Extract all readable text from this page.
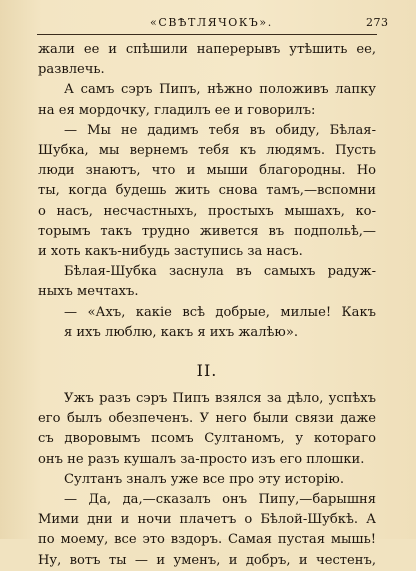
«СВѢТЛЯЧОКЪ».	273

жали ее и спѣшили наперерывъ утѣшить ее,
развлечь.

А самъ сэръ Пипъ, нѣжно положивъ лапку
на ея мордочку, гладилъ ее и говорилъ:

— Мы не дадимъ тебя въ обиду, Бѣлая-
Шубка, мы вернемъ тебя къ людямъ. Пусть
люди знаютъ, что и мыши благородны. Но
ты, когда будешь жить снова тамъ,—вспомни
о насъ, несчастныхъ, простыхъ мышахъ, ко-
торымъ такъ трудно живется въ подпольѣ,—
и хоть какъ-нибудь заступись за насъ.

Бѣлая-Шубка заснула въ самыхъ радуж-
ныхъ мечтахъ.

— «Ахъ, какіе всѣ добрые, милые! Какъ
я ихъ люблю, какъ я ихъ жалѣю».

II.

Ужъ разъ сэръ Пипъ взялся за дѣло, успѣхъ
его былъ обезпеченъ. У него были связи даже
съ дворовымъ псомъ Султаномъ, у котораго
онъ не разъ кушалъ за-просто изъ его плошки.

Султанъ зналъ уже все про эту исторію.

— Да, да,—сказалъ онъ Пипу,—барышня
Мими дни и ночи плачетъ о Бѣлой-Шубкѣ. А
по моему, все это вздоръ. Самая пустая мышь!
Ну, вотъ ты — и уменъ, и добръ, и честенъ,
